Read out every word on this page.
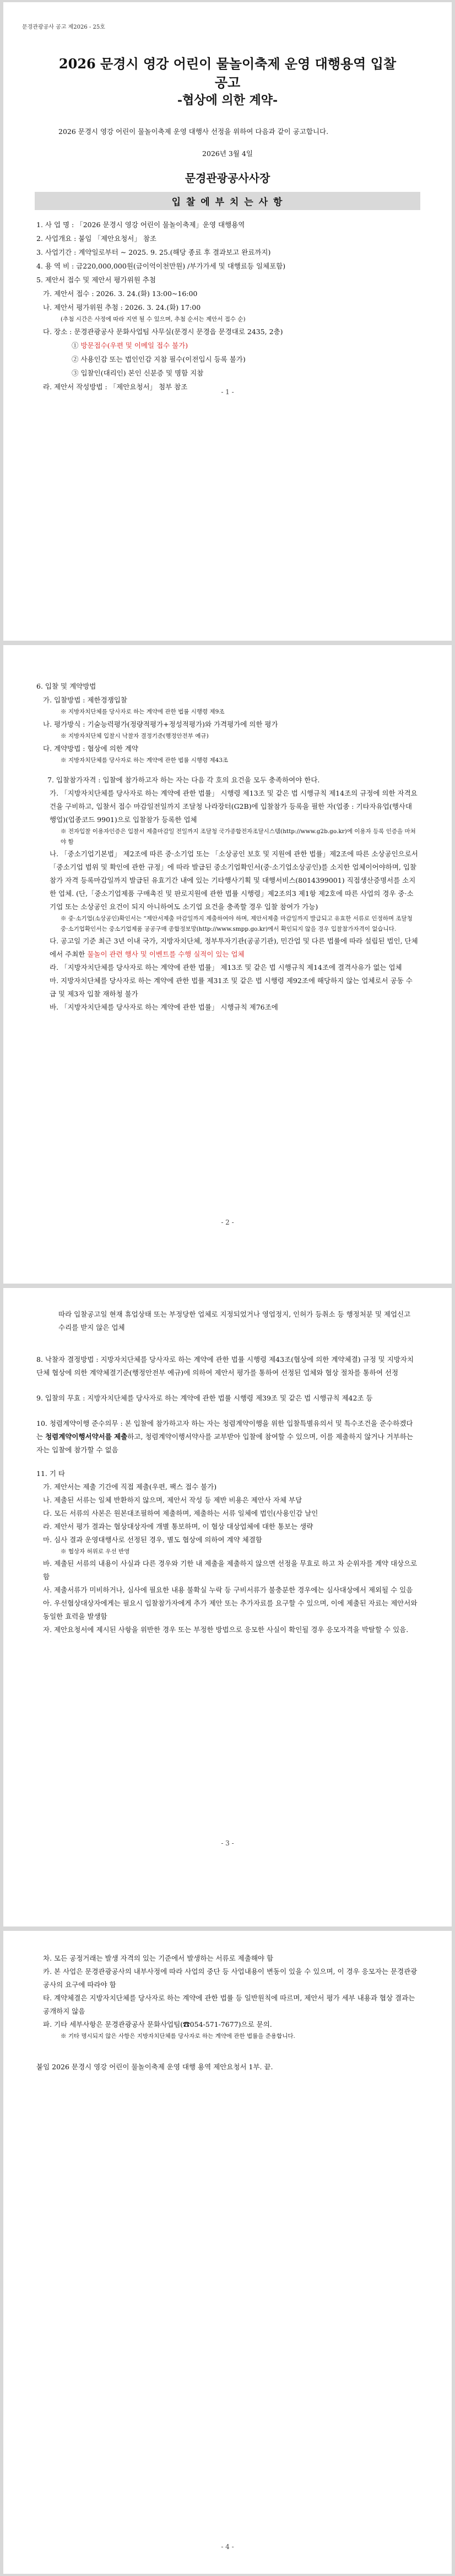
문경관광공사 공고 제2026 - 25호
2026 문경시 영강 어린이 물놀이축제 운영 대행용역 입찰 공고
-협상에 의한 계약-
2026 문경시 영강 어린이 물놀이축제 운영 대행사 선정을 위하여 다음과 같이 공고합니다.
2026년 3월 4일
문경관광공사사장
입 찰 에 부 치 는 사 항
1. 사 업 명 : 「2026 문경시 영강 어린이 물놀이축제」운영 대행용역
2. 사업개요 : 붙임 「제안요청서」 참조
3. 사업기간 : 계약일로부터 ~ 2025. 9. 25.(해당 종료 후 결과보고 완료까지)
4. 용 역 비 : 금220,000,000원(금이억이천만원) /부가가세 및 대행료등 일체포함)
5. 제안서 접수 및 제안서 평가위원 추첨
가. 제안서 접수 : 2026. 3. 24.(화) 13:00~16:00
나. 제안서 평가위원 추첨 : 2026. 3. 24.(화) 17:00
(추첨 시간은 사정에 따라 지연 될 수 있으며, 추첨 순서는 제안서 접수 순)
다. 장소 : 문경관광공사 문화사업팀 사무실(문경시 문경읍 문경대로 2435, 2층)
① 방문접수(우편 및 이메일 접수 불가)
② 사용인감 또는 법인인감 지참 필수(이전입시 등록 불가)
③ 입찰인(대리인) 본인 신분증 및 명함 지참
라. 제안서 작성방법 : 「제안요청서」 첨부 참조
- 1 -
6. 입찰 및 계약방법
가. 입찰방법 : 제한경쟁입찰
※ 지방자치단체를 당사자로 하는 계약에 관한 법률 시행령 제9조
나. 평가방식 : 기술능력평가(정량적평가+정성적평가)와 가격평가에 의한 평가
※ 지방자치단체 입찰시 낙찰자 결정기준(행정안전부 예규)
다. 계약방법 : 협상에 의한 계약
※ 지방자치단체를 당사자로 하는 계약에 관한 법률 시행령 제43조
7. 입찰참가자격 : 입찰에 참가하고자 하는 자는 다음 각 호의 요건을 모두 충족하여야 한다.
가. 「지방자치단체를 당사자로 하는 계약에 관한 법률」 시행령 제13조 및 같은 법 시행규칙 제14조의 규정에 의한 자격요건을 구비하고, 입찰서 접수 마감일전일까지 조달청 나라장터(G2B)에 입찰참가 등록을 필한 자(업종 : 기타자유업(행사대행업)(업종코드 9901)으로 입찰참가 등록한 업체
※ 전자입찰 이용자인증은 입찰서 제출마감일 전일까지 조달청 국가종합전자조달시스템(http://www.g2b.go.kr)에 이용자 등록 인증을 마쳐야 함
나. 「중소기업기본법」 제2조에 따른 중·소기업 또는 「소상공인 보호 및 지원에 관한 법률」제2조에 따른 소상공인으로서 「중소기업 범위 및 확인에 관한 규정」에 따라 발급된 중소기업확인서(중·소기업소상공인)를 소지한 업체이어야하며, 입찰참가 자격 등록마감일까지 발급된 유효기간 내에 있는 기타행사기획 및 대행서비스(8014399001) 직접생산증명서를 소지한 업체. (단,「중소기업제품 구매촉진 및 판로지원에 관한 법률 시행령」제2조의3 제1항 제2호에 따른 사업의 경우 중·소기업 또는 소상공인 요건이 되지 아니하여도 소기업 요건을 충족할 경우 입찰 참여가 가능)
※ 중·소기업(소상공인)확인서는 “제안서제출 마감일까지 제출하여야 하며, 제안서제출 마감일까지 발급되고 유효한 서류로 인정하며 조달청 중·소기업확인서는 중소기업제품 공공구매 종합정보망(http://www.smpp.go.kr)에서 확인되지 않을 경우 입찰참가자격이 없습니다.
다. 공고일 기준 최근 3년 이내 국가, 지방자치단체, 정부투자기관(공공기관), 민간업 및 다른 법률에 따라 설립된 법인, 단체에서 주최한 물놀이 관련 행사 및 이벤트를 수행 실적이 있는 업체
라. 「지방자치단체를 당사자로 하는 계약에 관한 법률」 제13조 및 같은 법 시행규칙 제14조에 결격사유가 없는 업체
마. 지방자치단체를 당사자로 하는 계약에 관한 법률 제31조 및 같은 법 시행령 제92조에 해당하지 않는 업체로서 공동 수급 및 제3자 입찰 재하청 불가
바. 「지방자치단체를 당사자로 하는 계약에 관한 법률」 시행규칙 제76조에
- 2 -
따라 입찰공고일 현재 휴업상태 또는 부정당한 업체로 지정되었거나 영업정지, 인허가 등취소 등 행정처분 및 제업신고 수리를 받지 않은 업체
8. 낙찰자 결정방법 : 지방자치단체를 당사자로 하는 계약에 관한 법률 시행령 제43조(협상에 의한 계약체결) 규정 및 지방자치단체 협상에 의한 계약체결기준(행정안전부 예규)에 의하여 제안서 평가를 통하여 선정된 업체와 협상 절차를 통하여 선정
9. 입찰의 무효 : 지방자치단체를 당사자로 하는 계약에 관한 법률 시행령 제39조 및 같은 법 시행규칙 제42조 등
10. 청렴계약이행 준수의무 : 본 입찰에 참가하고자 하는 자는 청렴계약이행을 위한 입찰특별유의서 및 특수조건을 준수하겠다는 청렴계약이행서약서를 제출하고, 청렴계약이행서약사를 교부받아 입찰에 참여할 수 있으며, 이를 제출하지 않거나 거부하는 자는 입찰에 참가할 수 없음
11. 기 타
가. 제안서는 제출 기간에 직접 제출(우편, 팩스 접수 불가)
나. 제출된 서류는 일체 반환하지 않으며, 제안서 작성 등 제반 비용은 제안사 자체 부담
다. 모든 서류의 사본은 원본대조필하여 제출하며, 제출하는 서류 일체에 법인(사용인감 날인
라. 제안서 평가 결과는 협상대상자에 개별 통보하며, 이 협상 대상업체에 대한 통보는 생략
마. 심사 결과 운영대행사로 선정된 경우, 별도 협상에 의하여 계약 체결함
※ 협상자 허위로 우선 반영
바. 제출된 서류의 내용이 사실과 다른 경우와 기한 내 제출을 제출하지 않으면 선정을 무효로 하고 차 순위자를 계약 대상으로 함
사. 제출서류가 미비하거나, 심사에 필요한 내용 불확실 누락 등 구비서류가 불충분한 경우에는 심사대상에서 제외될 수 있음
아. 우선협상대상자에게는 필요시 입찰참가자에게 추가 제안 또는 추가자료를 요구할 수 있으며, 이에 제출된 자료는 제안서와 동일한 효력을 발생함
자. 제안요청서에 제시된 사항을 위반한 경우 또는 부정한 방법으로 응모한 사실이 확인될 경우 응모자격을 박탈할 수 있음.
- 3 -
차. 모든 공정거래는 발생 자격의 있는 기준에서 발생하는 서류로 제출해야 함
카. 본 사업은 문경관광공사의 내부사정에 따라 사업의 중단 등 사업내용이 변동이 있을 수 있으며, 이 경우 응모자는 문경관광공사의 요구에 따라야 함
타. 계약체결은 지방자치단체를 당사자로 하는 계약에 관한 법률 등 일반원칙에 따르며, 제안서 평가 세부 내용과 협상 결과는 공개하지 않음
파. 기타 세부사항은 문경관광공사 문화사업팀(☎054-571-7677)으로 문의.
※ 기타 명시되지 않은 사항은 지방자치단체를 당사자로 하는 계약에 관한 법률을 준용합니다.
붙임 2026 문경시 영강 어린이 물놀이축제 운영 대행 용역 제안요청서 1부. 끝.
- 4 -
